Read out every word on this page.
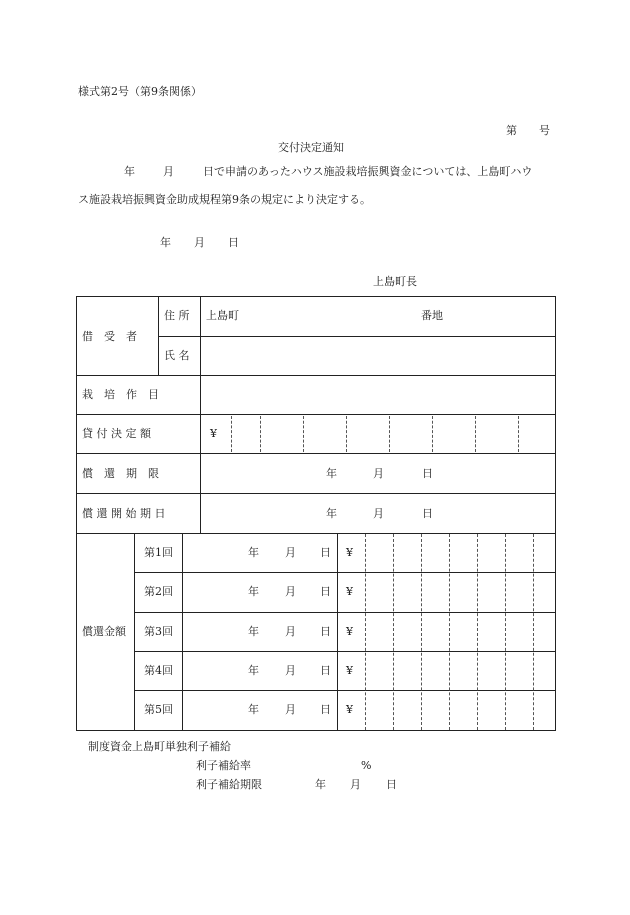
様式第2号（第9条関係）
第 号
交付決定通知
年	月	日で申請のあったハウス施設栽培振興資金については、上島町ハウ
ス施設栽培振興資金助成規程第9条の規定により決定する。
年 月 日
上島町長
借　受　者
住 所 上島町	番地
氏 名
栽　培　作　目
貸 付 決 定 額	¥
償　還　期　限	年	月	日
償 還 開 始 期 日	年	月	日
償還金額
第1回	年 月 日 ¥
第2回	年 月 日 ¥
第3回	年 月 日 ¥
第4回	年 月 日 ¥
第5回	年 月 日 ¥
制度資金上島町単独利子補給
利子補給率	%
利子補給期限	年 月 日
